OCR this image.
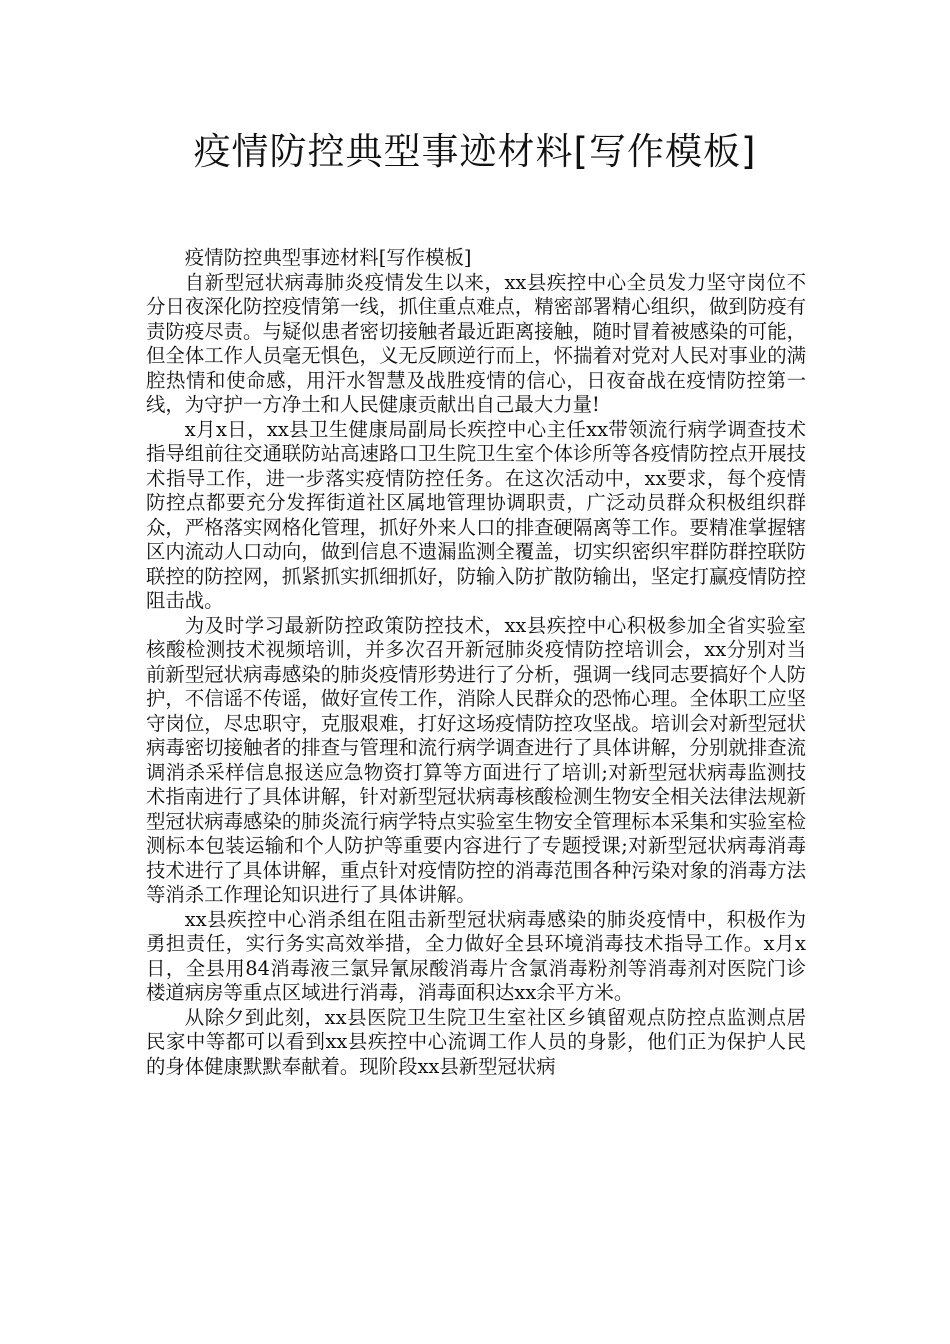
疫情防控典型事迹材料[写作模板]

疫情防控典型事迹材料[写作模板]

自新型冠状病毒肺炎疫情发生以来，xx县疾控中心全员发力坚守岗位不分日夜深化防控疫情第一线，抓住重点难点，精密部署精心组织，做到防疫有责防疫尽责。与疑似患者密切接触者最近距离接触，随时冒着被感染的可能，但全体工作人员毫无惧色，义无反顾逆行而上，怀揣着对党对人民对事业的满腔热情和使命感，用汗水智慧及战胜疫情的信心，日夜奋战在疫情防控第一线，为守护一方净土和人民健康贡献出自己最大力量!

x月x日，xx县卫生健康局副局长疾控中心主任xx带领流行病学调查技术指导组前往交通联防站高速路口卫生院卫生室个体诊所等各疫情防控点开展技术指导工作，进一步落实疫情防控任务。在这次活动中，xx要求，每个疫情防控点都要充分发挥街道社区属地管理协调职责，广泛动员群众积极组织群众，严格落实网格化管理，抓好外来人口的排查硬隔离等工作。要精准掌握辖区内流动人口动向，做到信息不遗漏监测全覆盖，切实织密织牢群防群控联防联控的防控网，抓紧抓实抓细抓好，防输入防扩散防输出，坚定打赢疫情防控阻击战。

为及时学习最新防控政策防控技术，xx县疾控中心积极参加全省实验室核酸检测技术视频培训，并多次召开新冠肺炎疫情防控培训会，xx分别对当前新型冠状病毒感染的肺炎疫情形势进行了分析，强调一线同志要搞好个人防护，不信谣不传谣，做好宣传工作，消除人民群众的恐怖心理。全体职工应坚守岗位，尽忠职守，克服艰难，打好这场疫情防控攻坚战。培训会对新型冠状病毒密切接触者的排查与管理和流行病学调查进行了具体讲解，分别就排查流调消杀采样信息报送应急物资打算等方面进行了培训;对新型冠状病毒监测技术指南进行了具体讲解，针对新型冠状病毒核酸检测生物安全相关法律法规新型冠状病毒感染的肺炎流行病学特点实验室生物安全管理标本采集和实验室检测标本包装运输和个人防护等重要内容进行了专题授课;对新型冠状病毒消毒技术进行了具体讲解，重点针对疫情防控的消毒范围各种污染对象的消毒方法等消杀工作理论知识进行了具体讲解。

xx县疾控中心消杀组在阻击新型冠状病毒感染的肺炎疫情中，积极作为勇担责任，实行务实高效举措，全力做好全县环境消毒技术指导工作。x月x日，全县用84消毒液三氯异氰尿酸消毒片含氯消毒粉剂等消毒剂对医院门诊楼道病房等重点区域进行消毒，消毒面积达xx余平方米。

从除夕到此刻，xx县医院卫生院卫生室社区乡镇留观点防控点监测点居民家中等都可以看到xx县疾控中心流调工作人员的身影，他们正为保护人民的身体健康默默奉献着。现阶段xx县新型冠状病
